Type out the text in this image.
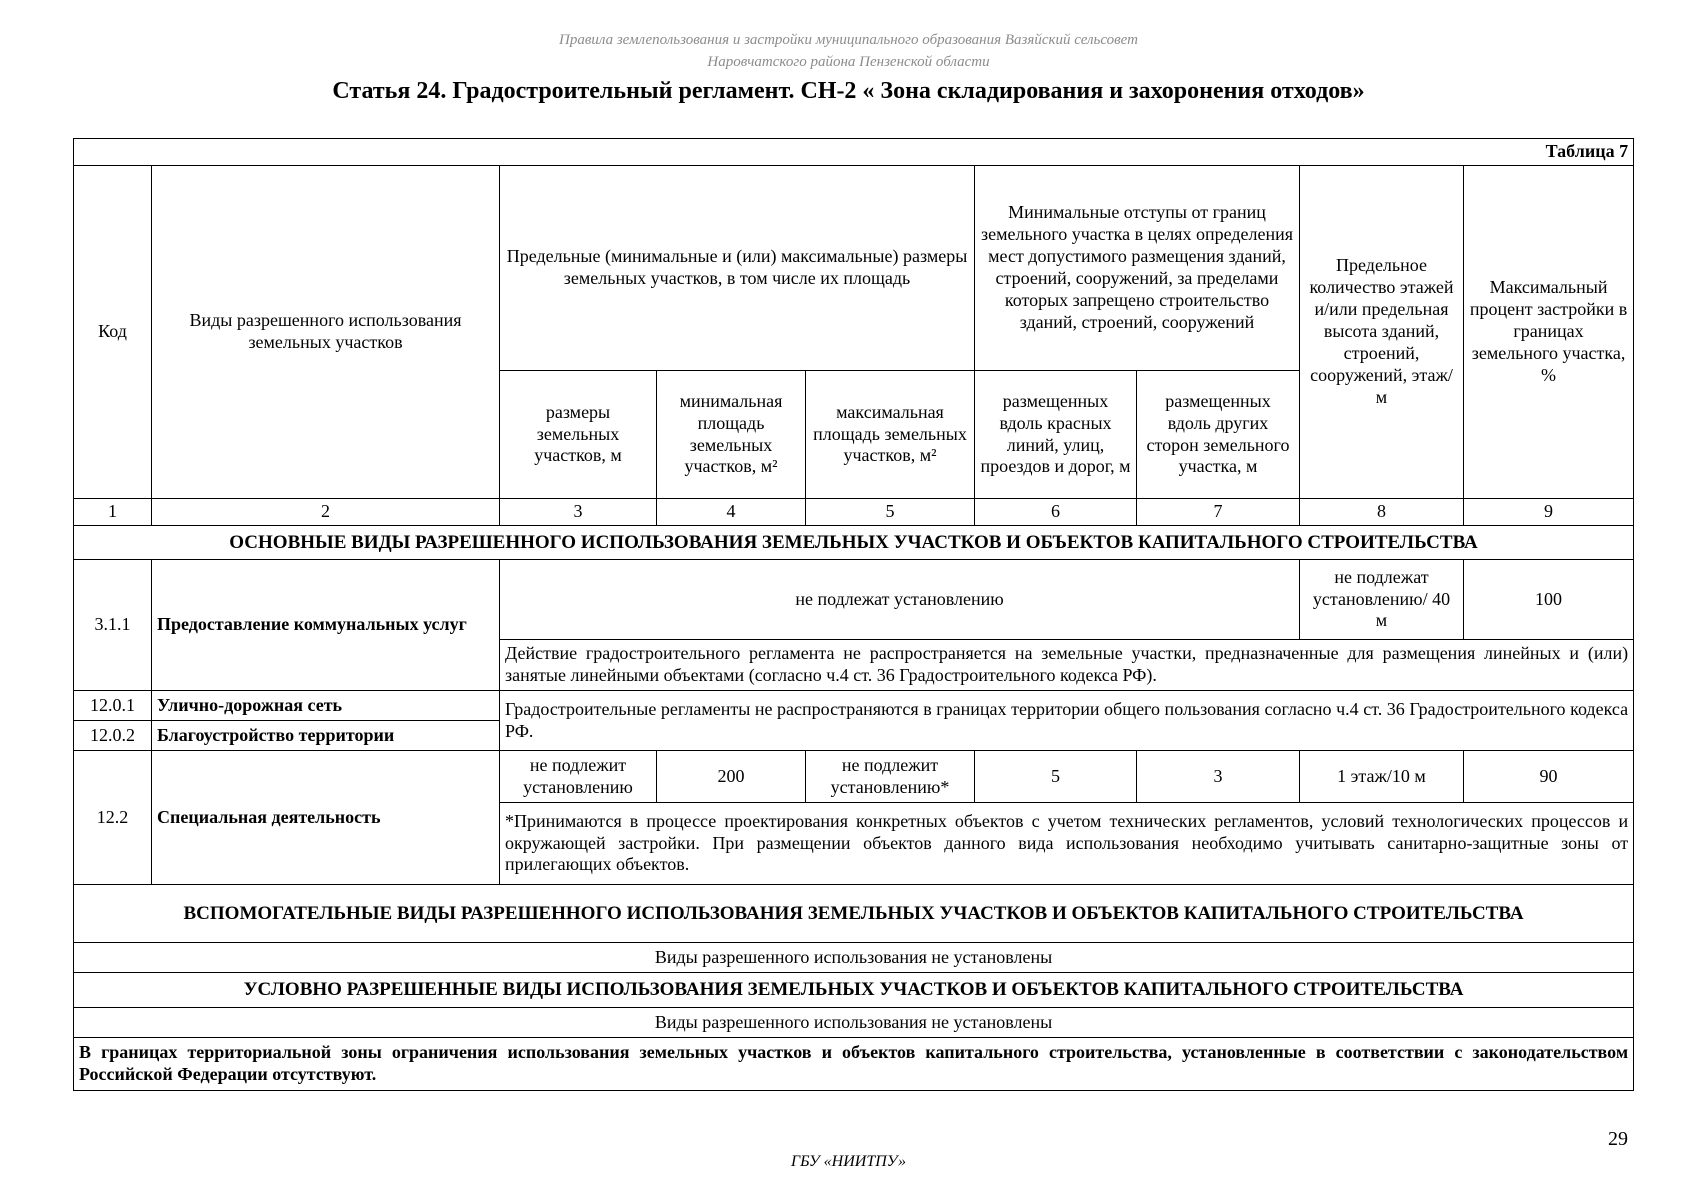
Правила землепользования и застройки муниципального образования Вазяйский сельсовет
Наровчатского района Пензенской области
Статья 24. Градостроительный регламент. СН-2 « Зона складирования и захоронения отходов»
Таблица 7								
Код	Виды разрешенного использования земельных участков	Предельные (минимальные и (или) максимальные) размеры земельных участков, в том числе их площадь			Минимальные отступы от границ земельного участка в целях определения мест допустимого размещения зданий, строений, сооружений, за пределами которых запрещено строительство зданий, строений, сооружений		Предельное количество этажей и/или предельная высота зданий, строений, сооружений, этаж/м	Максимальный процент застройки в границах земельного участка, %
		размеры земельных участков, м	минимальная площадь земельных участков, м²	максимальная площадь земельных участков, м²	размещенных вдоль красных линий, улиц, проездов и дорог, м	размещенных вдоль других сторон земельного участка, м		
1	2	3	4	5	6	7	8	9
ОСНОВНЫЕ ВИДЫ РАЗРЕШЕННОГО ИСПОЛЬЗОВАНИЯ ЗЕМЕЛЬНЫХ УЧАСТКОВ И ОБЪЕКТОВ КАПИТАЛЬНОГО СТРОИТЕЛЬСТВА								
3.1.1	Предоставление коммунальных услуг	не подлежат установлению					не подлежат установлению/ 40 м	100
		Действие градостроительного регламента не распространяется на земельные участки, предназначенные для размещения линейных и (или) занятые линейными объектами (согласно ч.4 ст. 36 Градостроительного кодекса РФ).						
12.0.1	Улично-дорожная сеть	Градостроительные регламенты не распространяются в границах территории общего пользования согласно ч.4 ст. 36 Градостроительного кодекса РФ.						
12.0.2	Благоустройство территории							
12.2	Специальная деятельность	не подлежит установлению	200	не подлежит установлению*	5	3	1 этаж/10 м	90
		*Принимаются в процессе проектирования конкретных объектов с учетом технических регламентов, условий технологических процессов и окружающей застройки. При размещении объектов данного вида использования необходимо учитывать санитарно-защитные зоны от прилегающих объектов.						
ВСПОМОГАТЕЛЬНЫЕ ВИДЫ РАЗРЕШЕННОГО ИСПОЛЬЗОВАНИЯ ЗЕМЕЛЬНЫХ УЧАСТКОВ И ОБЪЕКТОВ КАПИТАЛЬНОГО СТРОИТЕЛЬСТВА								
Виды разрешенного использования не установлены								
УСЛОВНО РАЗРЕШЕННЫЕ ВИДЫ ИСПОЛЬЗОВАНИЯ ЗЕМЕЛЬНЫХ УЧАСТКОВ И ОБЪЕКТОВ КАПИТАЛЬНОГО СТРОИТЕЛЬСТВА								
Виды разрешенного использования не установлены								
В границах территориальной зоны ограничения использования земельных участков и объектов капитального строительства, установленные в соответствии с законодательством Российской Федерации отсутствуют.								
29
ГБУ «НИИТПУ»
